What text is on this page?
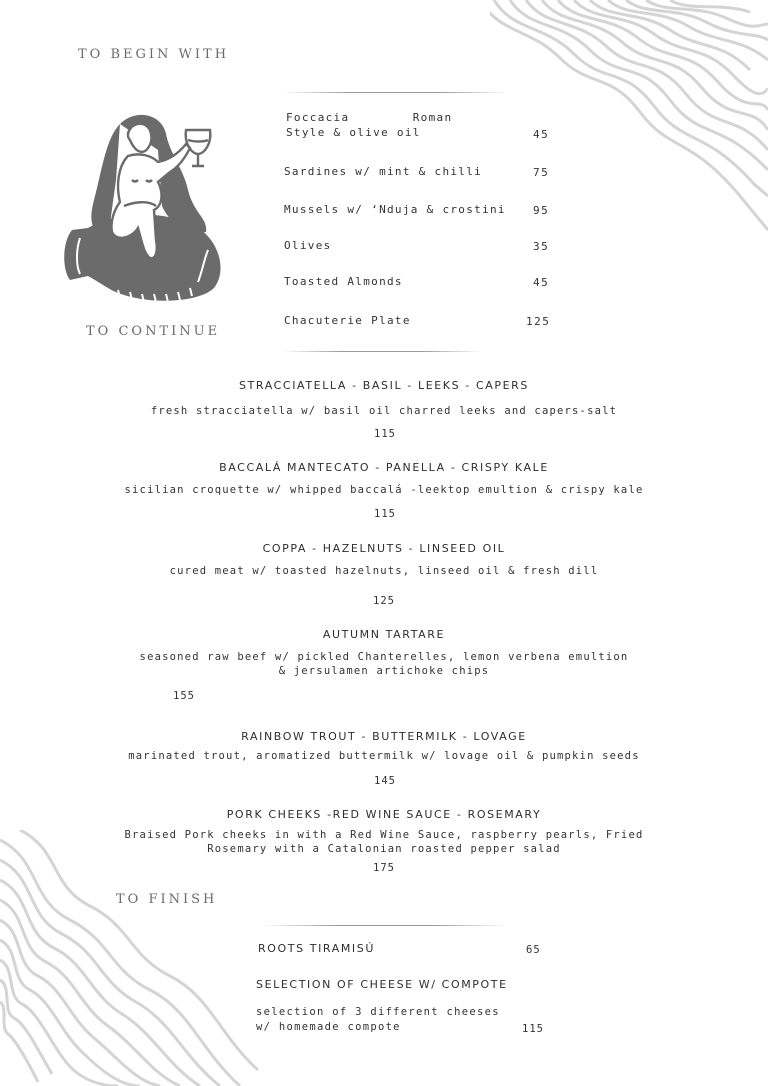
TO BEGIN WITH
TO CONTINUE
TO FINISH
Foccacia        Roman
Style & olive oil	45
Sardines w/ mint & chilli	75
Mussels w/ ‘Nduja & crostini 95
Olives	35
Toasted Almonds	45
Chacuterie Plate	125
STRACCIATELLA - BASIL - LEEKS - CAPERS
fresh stracciatella w/ basil oil charred leeks and capers-salt
115
BACCALÁ MANTECATO - PANELLA - CRISPY KALE
sicilian croquette w/ whipped baccalá -leektop emultion & crispy kale
115
COPPA - HAZELNUTS - LINSEED OIL
cured meat w/ toasted hazelnuts, linseed oil & fresh dill
125
AUTUMN TARTARE
seasoned raw beef w/ pickled Chanterelles, lemon verbena emultion
& jersulamen artichoke chips
155
RAINBOW TROUT - BUTTERMILK - LOVAGE
marinated trout, aromatized buttermilk w/ lovage oil & pumpkin seeds
145
PORK CHEEKS -RED WINE SAUCE - ROSEMARY
Braised Pork cheeks in with a Red Wine Sauce, raspberry pearls, Fried
Rosemary with a Catalonian roasted pepper salad
175
ROOTS TIRAMISÚ	65
SELECTION OF CHEESE W/ COMPOTE
selection of 3 different cheeses
w/ homemade compote	115
